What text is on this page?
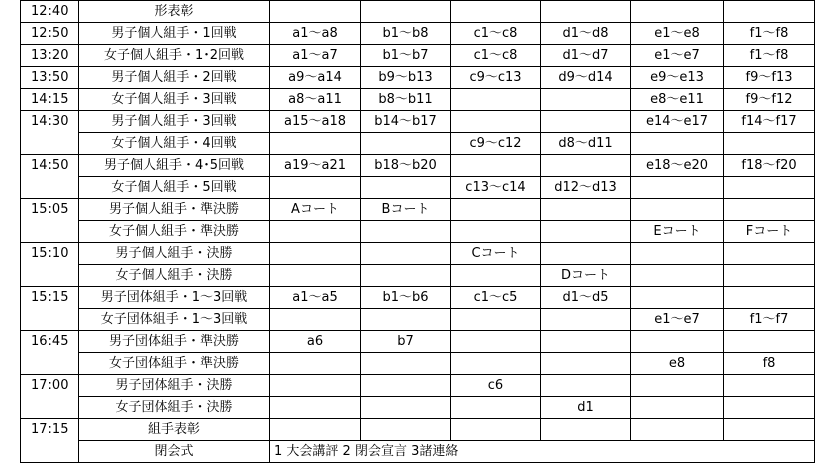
12:40	形表彰						
12:50	男子個人組手・1回戦	a1～a8	b1～b8	c1～c8	d1～d8	e1～e8	f1～f8
13:20	女子個人組手・1･2回戦	a1～a7	b1～b7	c1～c8	d1～d7	e1～e7	f1～f8
13:50	男子個人組手・2回戦	a9～a14	b9～b13	c9～c13	d9～d14	e9～e13	f9～f13
14:15	女子個人組手・3回戦	a8～a11	b8～b11			e8～e11	f9～f12
14:30	男子個人組手・3回戦	a15～a18	b14～b17			e14～e17	f14～f17
	女子個人組手・4回戦			c9～c12	d8～d11		
14:50	男子個人組手・4･5回戦	a19～a21	b18～b20			e18～e20	f18～f20
	女子個人組手・5回戦			c13～c14	d12～d13		
15:05	男子個人組手・準決勝	Aコート	Bコート				
	女子個人組手・準決勝					Eコート	Fコート
15:10	男子個人組手・決勝			Cコート			
	女子個人組手・決勝				Dコート		
15:15	男子団体組手・1～3回戦	a1～a5	b1～b6	c1～c5	d1～d5		
	女子団体組手・1～3回戦					e1～e7	f1～f7
16:45	男子団体組手・準決勝	a6	b7				
	女子団体組手・準決勝					e8	f8
17:00	男子団体組手・決勝			c6			
	女子団体組手・決勝				d1		
17:15	組手表彰						
	閉会式	1 大会講評 2 閉会宣言 3諸連絡					
